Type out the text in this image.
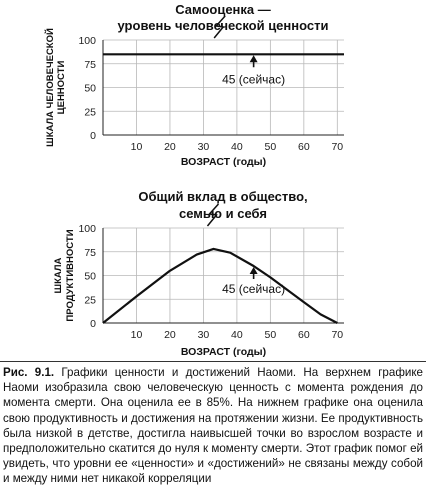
Самооценка —
уровень человеческой ценности
0
25
50
75
100
10 20 30 40 50 60 70
ШКАЛА ЧЕЛОВЕЧЕСКОЙ ЦЕННОСТИ
ВОЗРАСТ (годы)
45 (сейчас)
Общий вклад в общество,
семью и себя
0
25
50
75
100
10 20 30 40 50 60 70
ШКАЛА ПРОДУКТИВНОСТИ
ВОЗРАСТ (годы)
45 (сейчас)

Рис. 9.1. Графики ценности и достижений Наоми. На верхнем графике Наоми изобразила свою человеческую ценность с момента рождения до момента смерти. Она оценила ее в 85%. На нижнем графике она оценила свою продуктивность и достижения на протяжении жизни. Ее продуктивность была низкой в детстве, достигла наивысшей точки во взрослом возрасте и предположительно скатится до нуля к моменту смерти. Этот график помог ей увидеть, что уровни ее «ценности» и «достижений» не связаны между собой и между ними нет никакой корреляции
